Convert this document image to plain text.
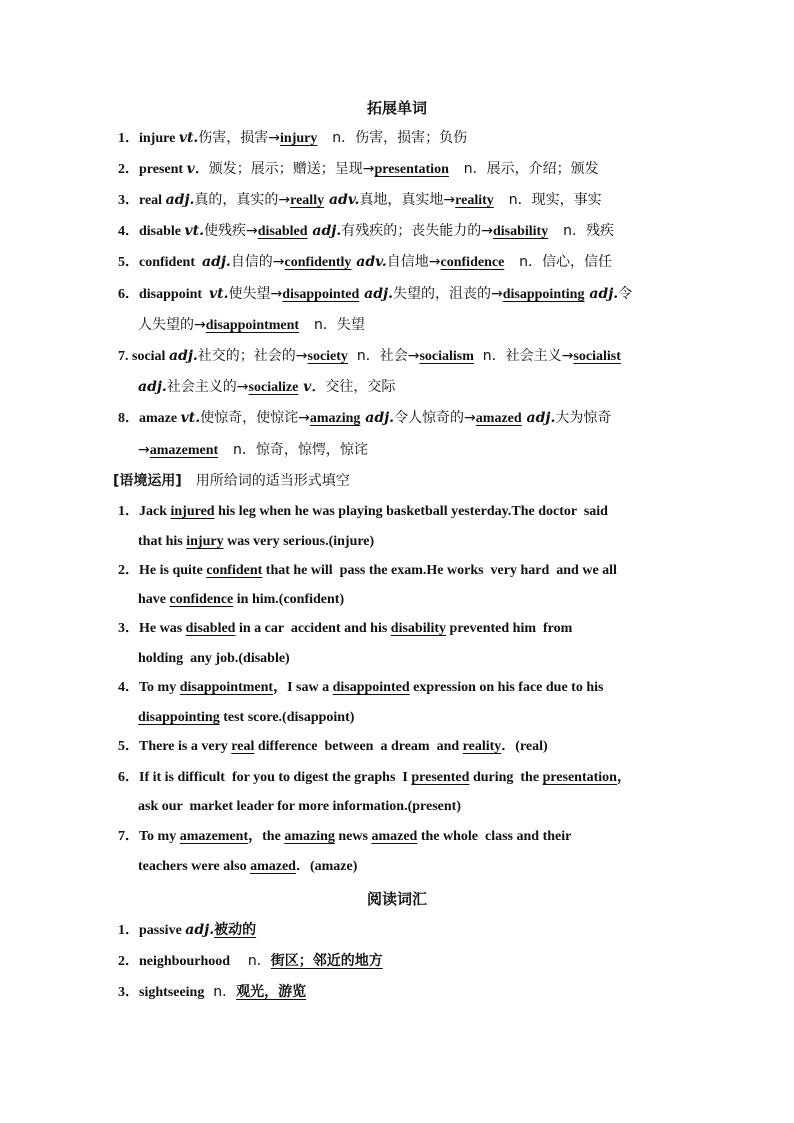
拓展单词
1．injure vt.伤害，损害→injury  n．伤害，损害；负伤
2．present v．颁发；展示；赠送；呈现→presentation  n．展示，介绍；颁发
3．real adj.真的，真实的→really adv.真地，真实地→reality  n．现实，事实
4．disable vt.使残疾→disabled adj.有残疾的；丧失能力的→disability  n．残疾
5．confident  adj.自信的→confidently adv.自信地→confidence  n．信心，信任
6．disappoint  vt.使失望→disappointed adj.失望的，沮丧的→disappointing adj.令
人失望的→disappointment  n．失望
7. social adj.社交的；社会的→society  n．社会→socialism  n．社会主义→socialist
adj.社会主义的→socialize v．交往，交际
8．amaze vt.使惊奇，使惊诧→amazing adj.令人惊奇的→amazed adj.大为惊奇
→amazement  n．惊奇，惊愕，惊诧
[语境运用] 用所给词的适当形式填空
1．Jack injured his leg when he was playing basketball yesterday.The doctor  said
that his injury was very serious.(injure)
2．He is quite confident that he will  pass the exam.He works  very hard  and we all
have confidence in him.(confident)
3．He was disabled in a car  accident and his disability prevented him  from
holding  any job.(disable)
4．To my disappointment，I saw a disappointed expression on his face due to his
disappointing test score.(disappoint)
5．There is a very real difference  between  a dream  and reality．(real)
6．If it is difficult  for you to digest the graphs  I presented during  the presentation，
ask our  market leader for more information.(present)
7．To my amazement，the amazing news amazed the whole  class and their
teachers were also amazed．(amaze)
阅读词汇
1．passive adj.被动的
2．neighbourhood    n．街区；邻近的地方
3．sightseeing  n．观光，游览
